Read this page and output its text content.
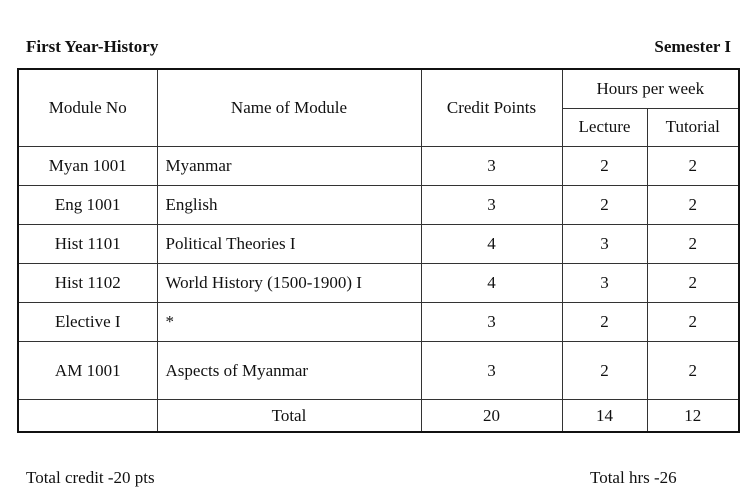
First Year-History	Semester I
Module No	Name of Module	Credit Points	Hours per week	
			Lecture	Tutorial
Myan 1001	Myanmar	3	2	2
Eng 1001	English	3	2	2
Hist 1101	Political Theories I	4	3	2
Hist 1102	World History (1500-1900) I	4	3	2
Elective I	*	3	2	2
AM 1001	Aspects of Myanmar	3	2	2
	Total	20	14	12
Total credit -20 pts	Total hrs -26
